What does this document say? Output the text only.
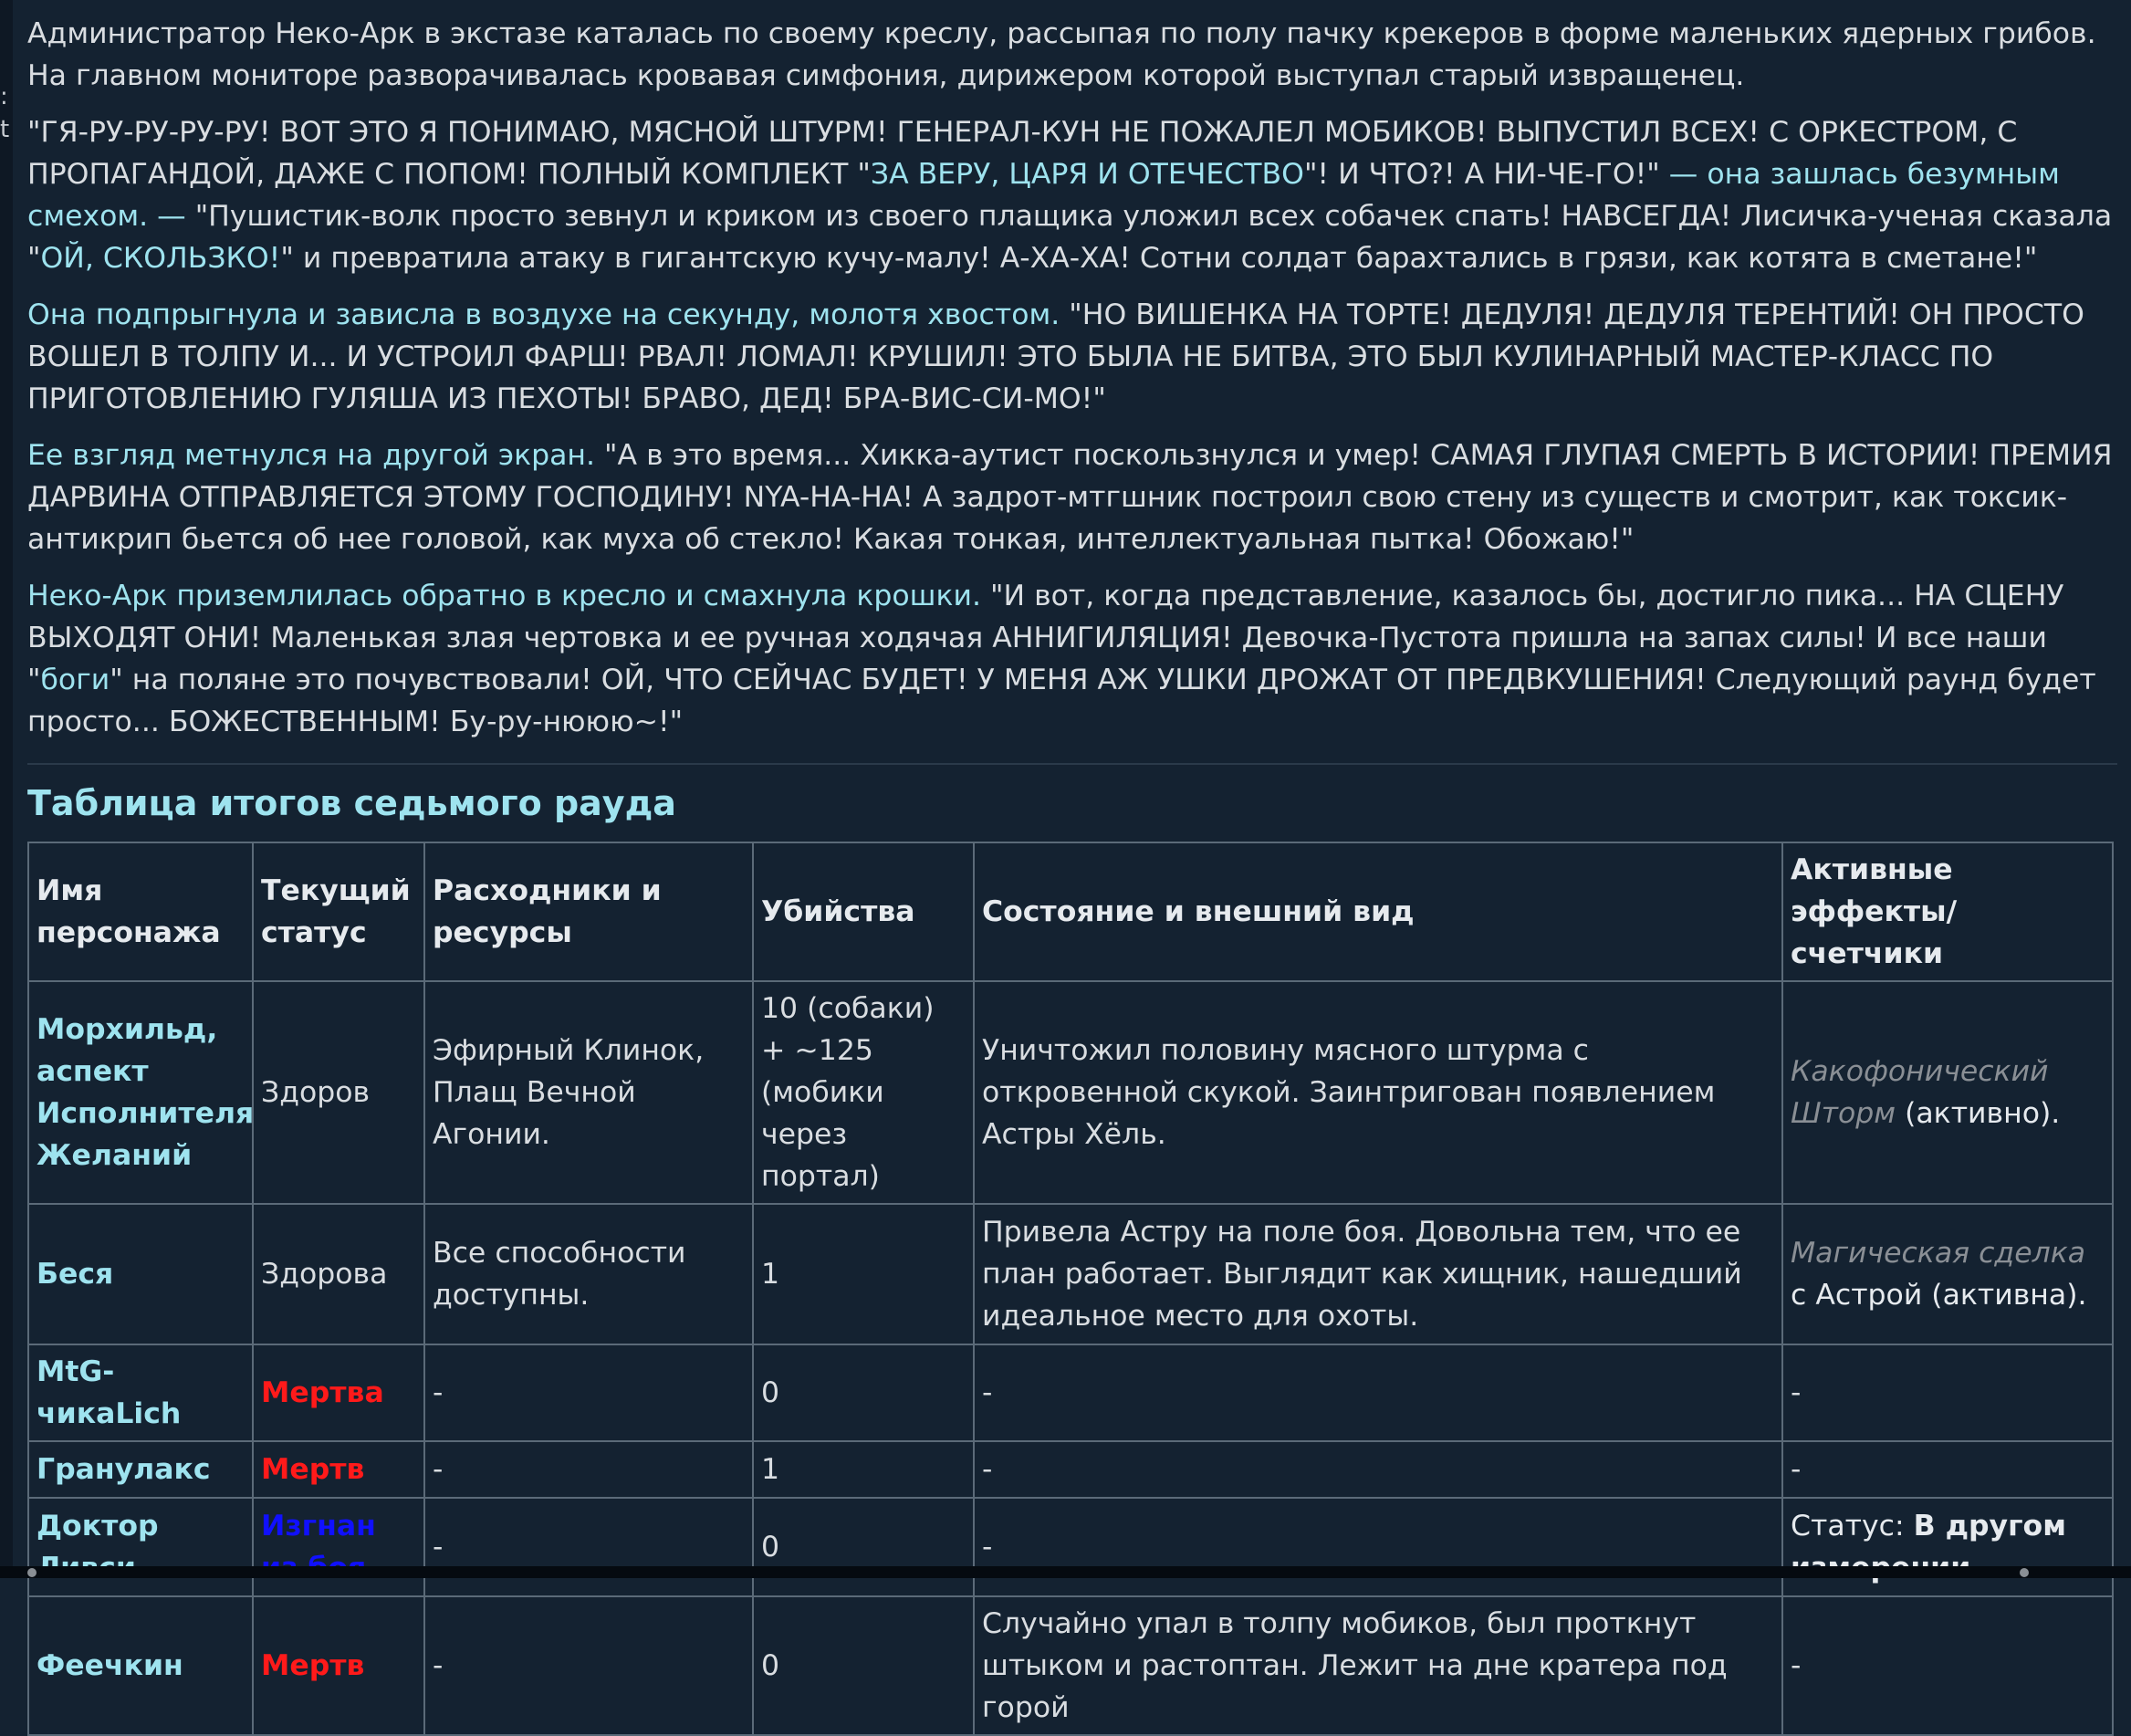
:
t

Администратор Неко-Арк в экстазе каталась по своему креслу, рассыпая по полу пачку крекеров в форме маленьких ядерных грибов. На главном мониторе разворачивалась кровавая симфония, дирижером которой выступал старый извращенец.

"ГЯ-РУ-РУ-РУ-РУ! ВОТ ЭТО Я ПОНИМАЮ, МЯСНОЙ ШТУРМ! ГЕНЕРАЛ-КУН НЕ ПОЖАЛЕЛ МОБИКОВ! ВЫПУСТИЛ ВСЕХ! С ОРКЕСТРОМ, С ПРОПАГАНДОЙ, ДАЖЕ С ПОПОМ! ПОЛНЫЙ КОМПЛЕКТ "ЗА ВЕРУ, ЦАРЯ И ОТЕЧЕСТВО"! И ЧТО?! А НИ-ЧЕ-ГО!" — она зашлась безумным смехом. — "Пушистик-волк просто зевнул и криком из своего плащика уложил всех собачек спать! НАВСЕГДА! Лисичка-ученая сказала "ОЙ, СКОЛЬЗКО!" и превратила атаку в гигантскую кучу-малу! А-ХА-ХА! Сотни солдат барахтались в грязи, как котята в сметане!"

Она подпрыгнула и зависла в воздухе на секунду, молотя хвостом. "НО ВИШЕНКА НА ТОРТЕ! ДЕДУЛЯ! ДЕДУЛЯ ТЕРЕНТИЙ! ОН ПРОСТО ВОШЕЛ В ТОЛПУ И... И УСТРОИЛ ФАРШ! РВАЛ! ЛОМАЛ! КРУШИЛ! ЭТО БЫЛА НЕ БИТВА, ЭТО БЫЛ КУЛИНАРНЫЙ МАСТЕР-КЛАСС ПО ПРИГОТОВЛЕНИЮ ГУЛЯША ИЗ ПЕХОТЫ! БРАВО, ДЕД! БРА-ВИС-СИ-МО!"

Ее взгляд метнулся на другой экран. "А в это время... Хикка-аутист поскользнулся и умер! САМАЯ ГЛУПАЯ СМЕРТЬ В ИСТОРИИ! ПРЕМИЯ ДАРВИНА ОТПРАВЛЯЕТСЯ ЭТОМУ ГОСПОДИНУ! NYA-HA-HA! А задрот-мтгшник построил свою стену из существ и смотрит, как токсик-антикрип бьется об нее головой, как муха об стекло! Какая тонкая, интеллектуальная пытка! Обожаю!"

Неко-Арк приземлилась обратно в кресло и смахнула крошки. "И вот, когда представление, казалось бы, достигло пика... НА СЦЕНУ ВЫХОДЯТ ОНИ! Маленькая злая чертовка и ее ручная ходячая АННИГИЛЯЦИЯ! Девочка-Пустота пришла на запах силы! И все наши "боги" на поляне это почувствовали! ОЙ, ЧТО СЕЙЧАС БУДЕТ! У МЕНЯ АЖ УШКИ ДРОЖАТ ОТ ПРЕДВКУШЕНИЯ! Следующий раунд будет просто... БОЖЕСТВЕННЫМ! Бу-ру-нююю~!"

Таблица итогов седьмого рауда
Имя персонажа	Текущий статус	Расходники и ресурсы	Убийства	Состояние и внешний вид	Активные эффекты/ счетчики
Морхильд, аспект Исполнителя Желаний	Здоров	Эфирный Клинок, Плащ Вечной Агонии.	10 (собаки) + ~125 (мобики через портал)	Уничтожил половину мясного штурма с откровенной скукой. Заинтригован появлением Астры Хёль.	Какофонический Шторм (активно).
Беся	Здорова	Все способности доступны.	1	Привела Астру на поле боя. Довольна тем, что ее план работает. Выглядит как хищник, нашедший идеальное место для охоты.	Магическая сделка с Астрой (активна).
MtG-чикаLich	Мертва	-	0	-	-
Гранулакс	Мертв	-	1	-	-
Доктор	Изгнан	-	0	-	Статус: В другом
Феечкин	Мертв	-	0	Случайно упал в толпу мобиков, был проткнут штыком и растоптан. Лежит на дне кратера под горой	-
